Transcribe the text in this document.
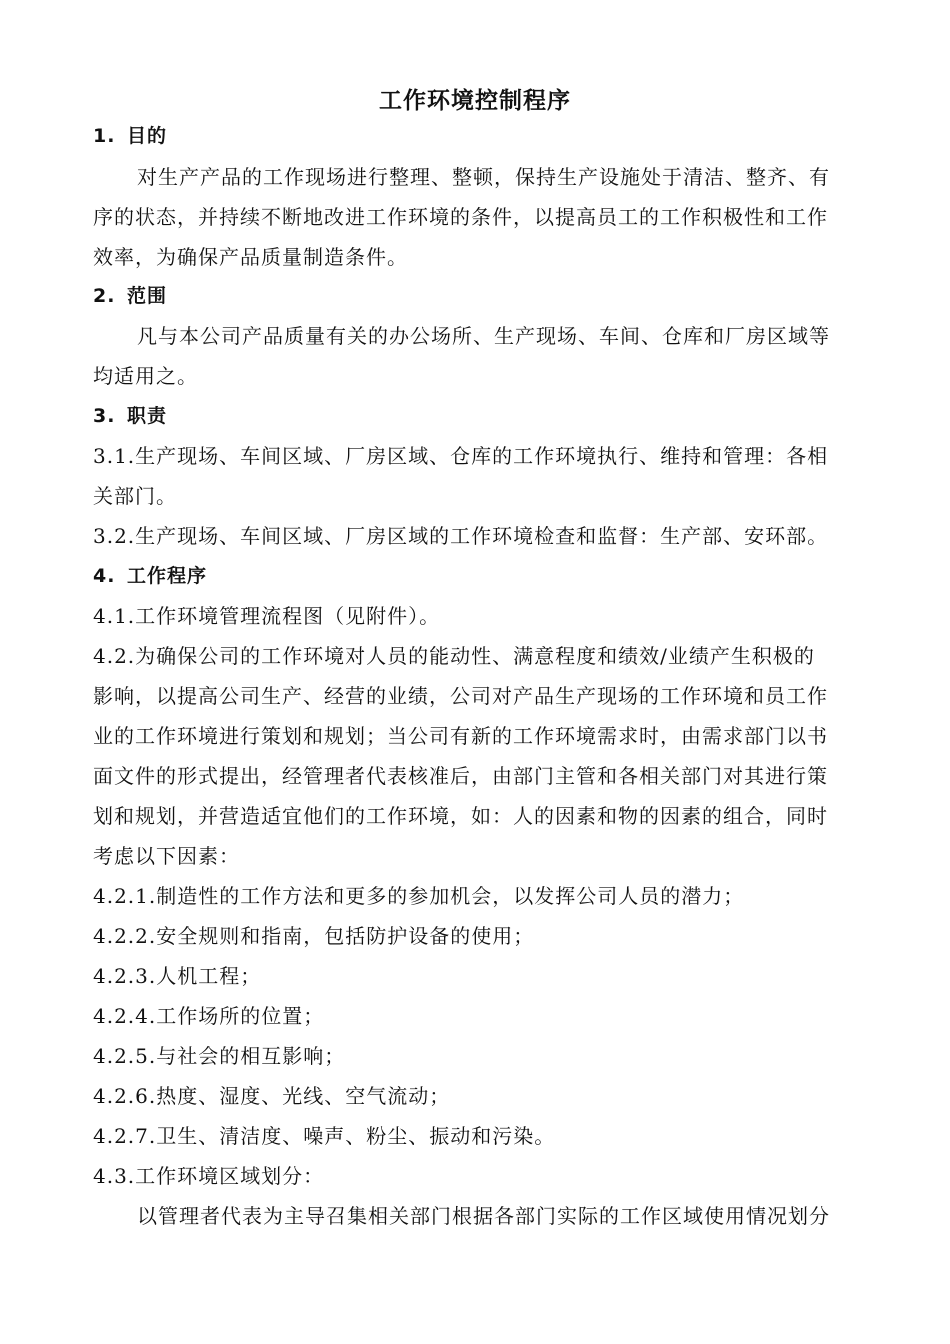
工作环境控制程序
1. 目的
对生产产品的工作现场进行整理、整顿，保持生产设施处于清洁、整齐、有
序的状态，并持续不断地改进工作环境的条件，以提高员工的工作积极性和工作
效率，为确保产品质量制造条件。
2. 范围
凡与本公司产品质量有关的办公场所、生产现场、车间、仓库和厂房区域等
均适用之。
3. 职责
3.1.生产现场、车间区域、厂房区域、仓库的工作环境执行、维持和管理：各相
关部门。
3.2.生产现场、车间区域、厂房区域的工作环境检查和监督：生产部、安环部。
4. 工作程序
4.1.工作环境管理流程图（见附件）。
4.2.为确保公司的工作环境对人员的能动性、满意程度和绩效/业绩产生积极的
影响，以提高公司生产、经营的业绩，公司对产品生产现场的工作环境和员工作
业的工作环境进行策划和规划；当公司有新的工作环境需求时，由需求部门以书
面文件的形式提出，经管理者代表核准后，由部门主管和各相关部门对其进行策
划和规划，并营造适宜他们的工作环境，如：人的因素和物的因素的组合，同时
考虑以下因素：
4.2.1.制造性的工作方法和更多的参加机会，以发挥公司人员的潜力；
4.2.2.安全规则和指南，包括防护设备的使用；
4.2.3.人机工程；
4.2.4.工作场所的位置；
4.2.5.与社会的相互影响；
4.2.6.热度、湿度、光线、空气流动；
4.2.7.卫生、清洁度、噪声、粉尘、振动和污染。
4.3.工作环境区域划分：
以管理者代表为主导召集相关部门根据各部门实际的工作区域使用情况划分
